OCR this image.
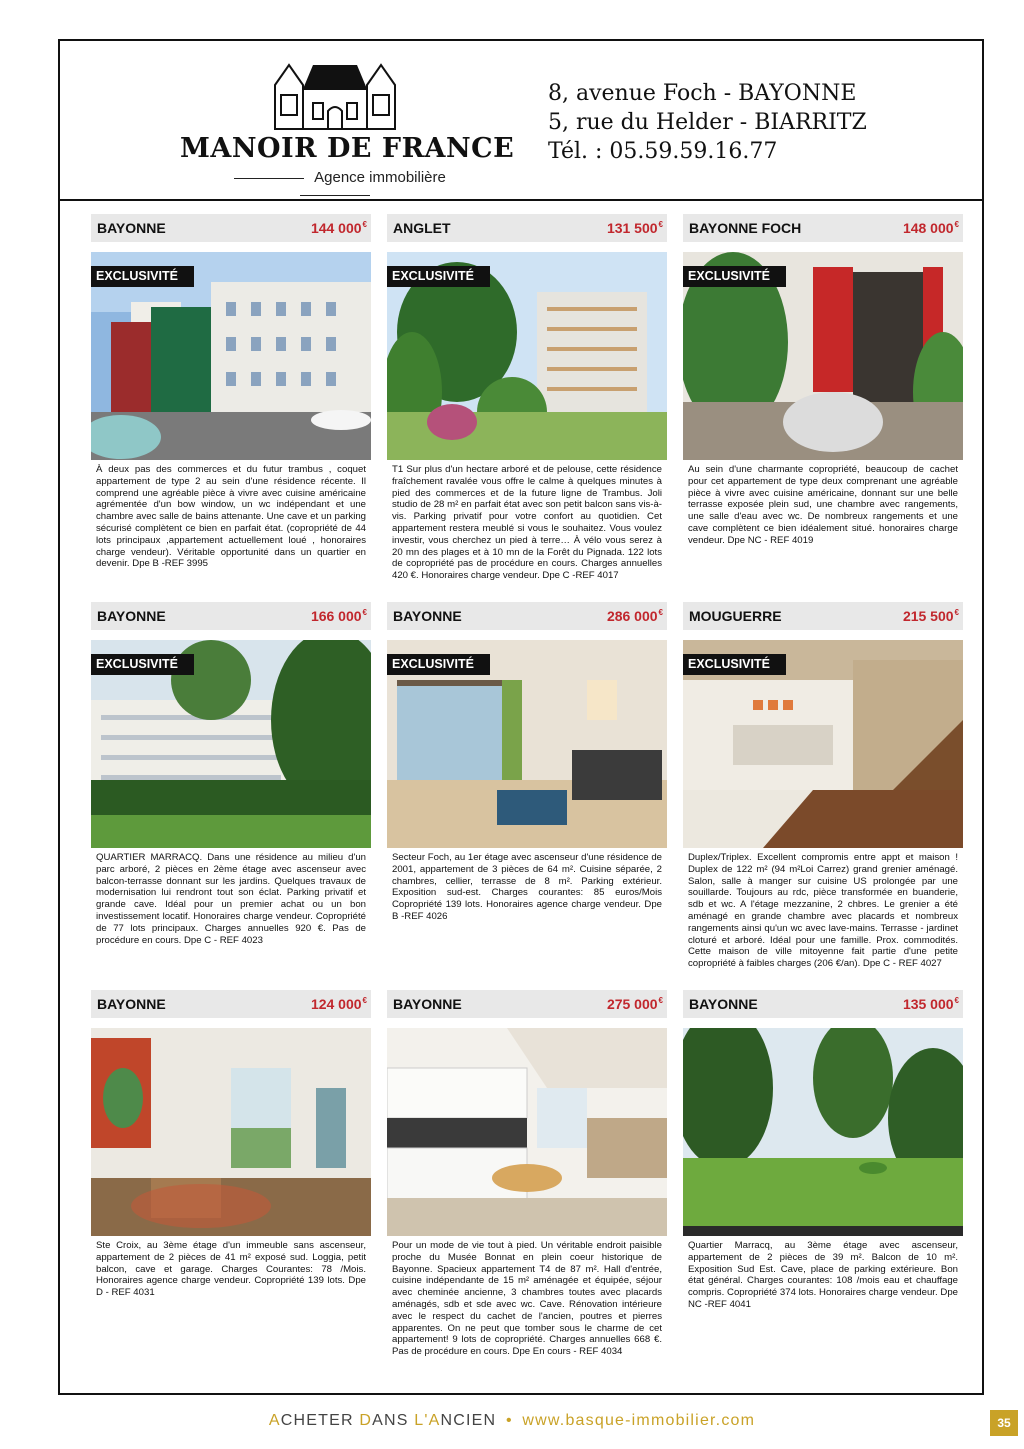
MANOIR DE FRANCE
Agence immobilière
8, avenue Foch - BAYONNE
5, rue du Helder - BIARRITZ
Tél. : 05.59.59.16.77
BAYONNE	144 000€
EXCLUSIVITÉ
À deux pas des commerces et du futur trambus , coquet appartement de type 2 au sein d'une résidence récente. Il comprend une agréable pièce à vivre avec cuisine américaine agrémentée d'un bow window, un wc indépendant et une chambre avec salle de bains attenante. Une cave et un parking sécurisé complètent ce bien en parfait état. (copropriété de 44 lots principaux ,appartement actuellement loué , honoraires charge vendeur). Véritable opportunité dans un quartier en devenir. Dpe B -REF 3995
ANGLET	131 500€
EXCLUSIVITÉ
T1 Sur plus d'un hectare arboré et de pelouse, cette résidence fraîchement ravalée vous offre le calme à quelques minutes à pied des commerces et de la future ligne de Trambus. Joli studio de 28 m² en parfait état avec son petit balcon sans vis-à-vis. Parking privatif pour votre confort au quotidien. Cet appartement restera meublé si vous le souhaitez. Vous voulez investir, vous cherchez un pied à terre… À vélo vous serez à 20 mn des plages et à 10 mn de la Forêt du Pignada. 122 lots de copropriété pas de procédure en cours. Charges annuelles 420 €. Honoraires charge vendeur. Dpe C -REF 4017
BAYONNE FOCH	148 000€
EXCLUSIVITÉ
Au sein d'une charmante copropriété, beaucoup de cachet pour cet appartement de type deux comprenant une agréable pièce à vivre avec cuisine américaine, donnant sur une belle terrasse exposée plein sud, une chambre avec rangements, une salle d'eau avec wc. De nombreux rangements et une cave complètent ce bien idéalement situé. honoraires charge vendeur. Dpe NC - REF 4019
BAYONNE	166 000€
EXCLUSIVITÉ
QUARTIER MARRACQ. Dans une résidence au milieu d'un parc arboré, 2 pièces en 2ème étage avec ascenseur avec balcon-terrasse donnant sur les jardins. Quelques travaux de modernisation lui rendront tout son éclat. Parking privatif et grande cave. Idéal pour un premier achat ou un bon investissement locatif. Honoraires charge vendeur. Copropriété de 77 lots principaux. Charges annuelles 920 €. Pas de procédure en cours. Dpe C - REF 4023
BAYONNE	286 000€
EXCLUSIVITÉ
Secteur Foch, au 1er étage avec ascenseur d'une résidence de 2001, appartement de 3 pièces de 64 m². Cuisine séparée, 2 chambres, cellier, terrasse de 8 m². Parking extérieur. Exposition sud-est. Charges courantes: 85 euros/Mois Copropriété 139 lots. Honoraires agence charge vendeur. Dpe B -REF 4026
MOUGUERRE	215 500€
EXCLUSIVITÉ
Duplex/Triplex. Excellent compromis entre appt et maison ! Duplex de 122 m² (94 m²Loi Carrez) grand grenier aménagé. Salon, salle à manger sur cuisine US prolongée par une souillarde. Toujours au rdc, pièce transformée en buanderie, sdb et wc. A l'étage mezzanine, 2 chbres. Le grenier a été aménagé en grande chambre avec placards et nombreux rangements ainsi qu'un wc avec lave-mains. Terrasse - jardinet cloturé et arboré. Idéal pour une famille. Prox. commodités. Cette maison de ville mitoyenne fait partie d'une petite copropriété à faibles charges (206 €/an). Dpe C - REF 4027
BAYONNE	124 000€
Ste Croix, au 3ème étage d'un immeuble sans ascenseur, appartement de 2 pièces de 41 m² exposé sud. Loggia, petit balcon, cave et garage. Charges Courantes: 78 /Mois. Honoraires agence charge vendeur. Copropriété 139 lots. Dpe D - REF 4031
BAYONNE	275 000€
Pour un mode de vie tout à pied. Un véritable endroit paisible proche du Musée Bonnat en plein coeur historique de Bayonne. Spacieux appartement T4 de 87 m². Hall d'entrée, cuisine indépendante de 15 m² aménagée et équipée, séjour avec cheminée ancienne, 3 chambres toutes avec placards aménagés, sdb et sde avec wc. Cave. Rénovation intérieure avec le respect du cachet de l'ancien, poutres et pierres apparentes. On ne peut que tomber sous le charme de cet appartement! 9 lots de copropriété. Charges annuelles 668 €. Pas de procédure en cours. Dpe En cours - REF 4034
BAYONNE	135 000€
Quartier Marracq, au 3ème étage avec ascenseur, appartement de 2 pièces de 39 m². Balcon de 10 m². Exposition Sud Est. Cave, place de parking extérieure. Bon état général. Charges courantes: 108 /mois eau et chauffage compris. Copropriété 374 lots. Honoraires charge vendeur. Dpe NC -REF 4041
ACHETER DANS L'ANCIEN • www.basque-immobilier.com	35
